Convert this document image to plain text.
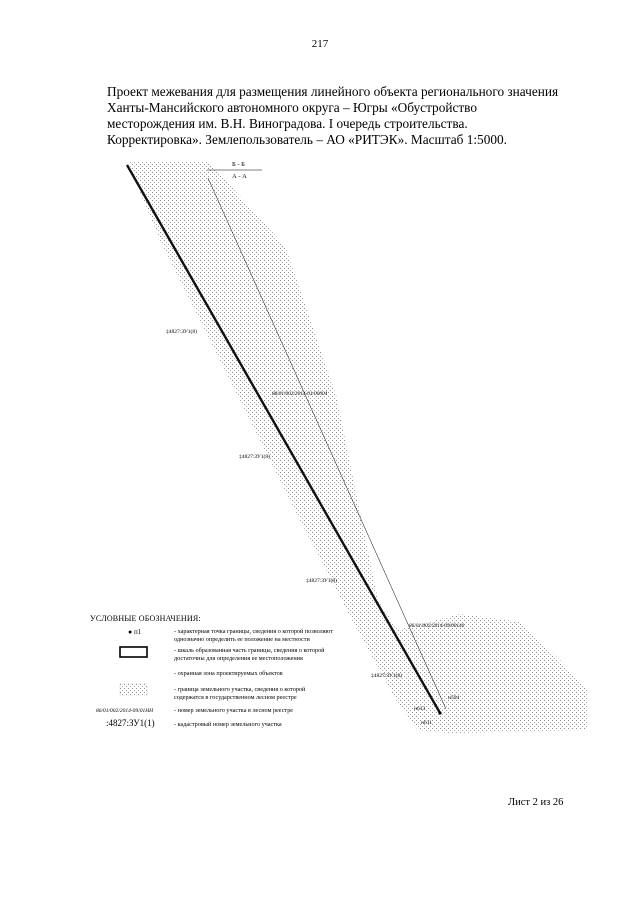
217
Проект межевания для размещения линейного объекта регионального значения
Ханты-Мансийского автономного округа – Югры «Обустройство
месторождения им. В.Н. Виноградова. I очередь строительства.
Корректировка». Землепользователь – АО «РИТЭК». Масштаб 1:5000.
Б - Б
А - А
‡4827:ЗУ1(8)
‡4827:ЗУ1(8)
‡4827:ЗУ1(8)
‡4827:ЗУ1(8)
86/01/002/2014-01/00004
86/01/002/2014-09/00140
н594
н613
н611
УСЛОВНЫЕ ОБОЗНАЧЕНИЯ:
● п1	- характерная точка границы, сведения о которой позволяют
однозначно определить ее положение на местности
- шкаль образованная часть границы, сведения о которой
достаточны для определения ее местоположения
- охранная зона проектируемых объектов
- граница земельного участка, сведения о которой
содержатся в государственном лесном реестре
86/01/002/2014-09/01НН	- номер земельного участка в лесном реестре
:4827:ЗУ1(1)	- кадастровый номер земельного участка
Лист 2 из 26
